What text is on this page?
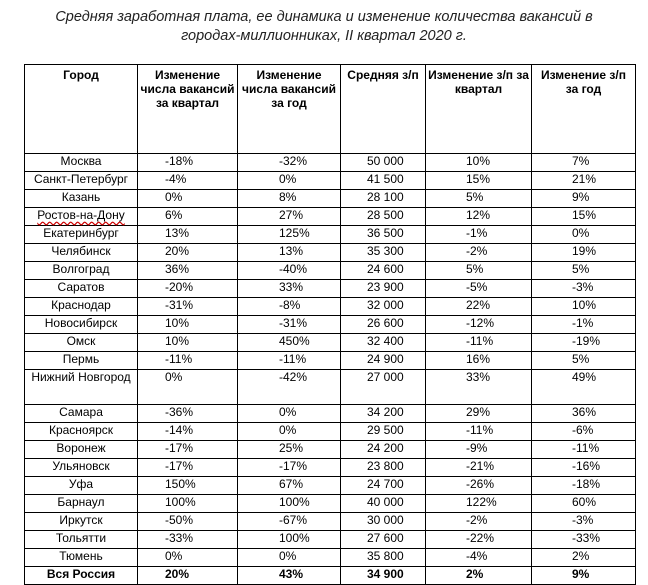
Средняя заработная плата, ее динамика и изменение количества вакансий в
городах-миллионниках, II квартал 2020 г.
Город	Изменение числа вакансий за квартал	Изменение числа вакансий за год	Средняя з/п	Изменение з/п за квартал	Изменение з/п за год
Москва	-18%	-32%	50 000	10%	7%
Санкт-Петербург	-4%	0%	41 500	15%	21%
Казань	0%	8%	28 100	5%	9%
Ростов-на-Дону	6%	27%	28 500	12%	15%
Екатеринбург	13%	125%	36 500	-1%	0%
Челябинск	20%	13%	35 300	-2%	19%
Волгоград	36%	-40%	24 600	5%	5%
Саратов	-20%	33%	23 900	-5%	-3%
Краснодар	-31%	-8%	32 000	22%	10%
Новосибирск	10%	-31%	26 600	-12%	-1%
Омск	10%	450%	32 400	-11%	-19%
Пермь	-11%	-11%	24 900	16%	5%
Нижний Новгород	0%	-42%	27 000	33%	49%
Самара	-36%	0%	34 200	29%	36%
Красноярск	-14%	0%	29 500	-11%	-6%
Воронеж	-17%	25%	24 200	-9%	-11%
Ульяновск	-17%	-17%	23 800	-21%	-16%
Уфа	150%	67%	24 700	-26%	-18%
Барнаул	100%	100%	40 000	122%	60%
Иркутск	-50%	-67%	30 000	-2%	-3%
Тольятти	-33%	100%	27 600	-22%	-33%
Тюмень	0%	0%	35 800	-4%	2%
Вся Россия	20%	43%	34 900	2%	9%
